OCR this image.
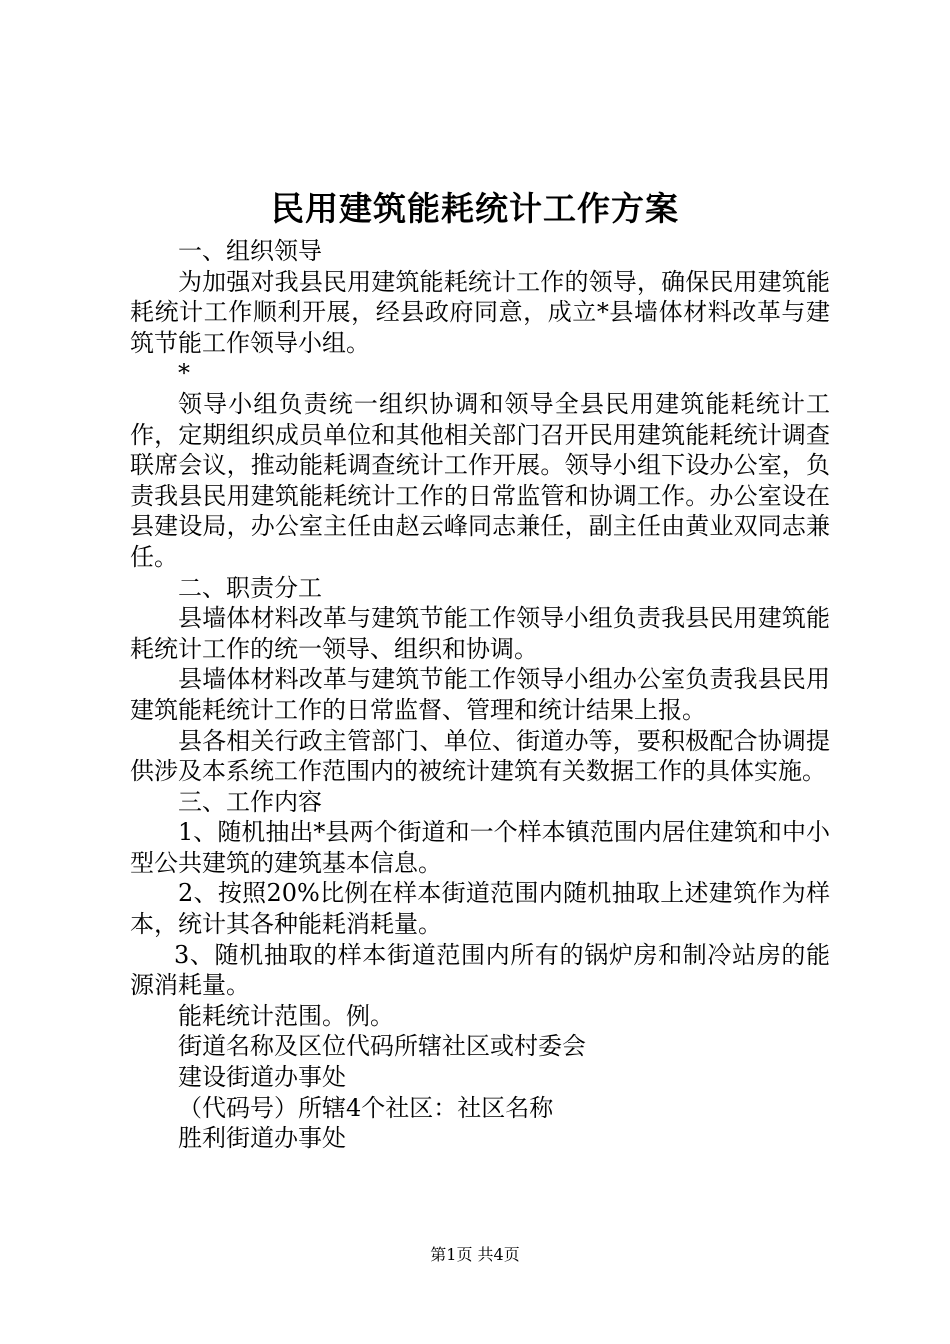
民用建筑能耗统计工作方案

一、组织领导

为加强对我县民用建筑能耗统计工作的领导，确保民用建筑能耗统计工作顺利开展，经县政府同意，成立*县墙体材料改革与建筑节能工作领导小组。

*

领导小组负责统一组织协调和领导全县民用建筑能耗统计工作，定期组织成员单位和其他相关部门召开民用建筑能耗统计调查联席会议，推动能耗调查统计工作开展。领导小组下设办公室，负责我县民用建筑能耗统计工作的日常监管和协调工作。办公室设在县建设局，办公室主任由赵云峰同志兼任，副主任由黄业双同志兼任。

二、职责分工

县墙体材料改革与建筑节能工作领导小组负责我县民用建筑能耗统计工作的统一领导、组织和协调。

县墙体材料改革与建筑节能工作领导小组办公室负责我县民用建筑能耗统计工作的日常监督、管理和统计结果上报。

县各相关行政主管部门、单位、街道办等，要积极配合协调提供涉及本系统工作范围内的被统计建筑有关数据工作的具体实施。

三、工作内容

1、随机抽出*县两个街道和一个样本镇范围内居住建筑和中小型公共建筑的建筑基本信息。

2、按照20%比例在样本街道范围内随机抽取上述建筑作为样本，统计其各种能耗消耗量。

3、随机抽取的样本街道范围内所有的锅炉房和制冷站房的能源消耗量。

能耗统计范围。例。

街道名称及区位代码所辖社区或村委会

建设街道办事处

（代码号）所辖4个社区：社区名称

胜利街道办事处

第1页 共4页
